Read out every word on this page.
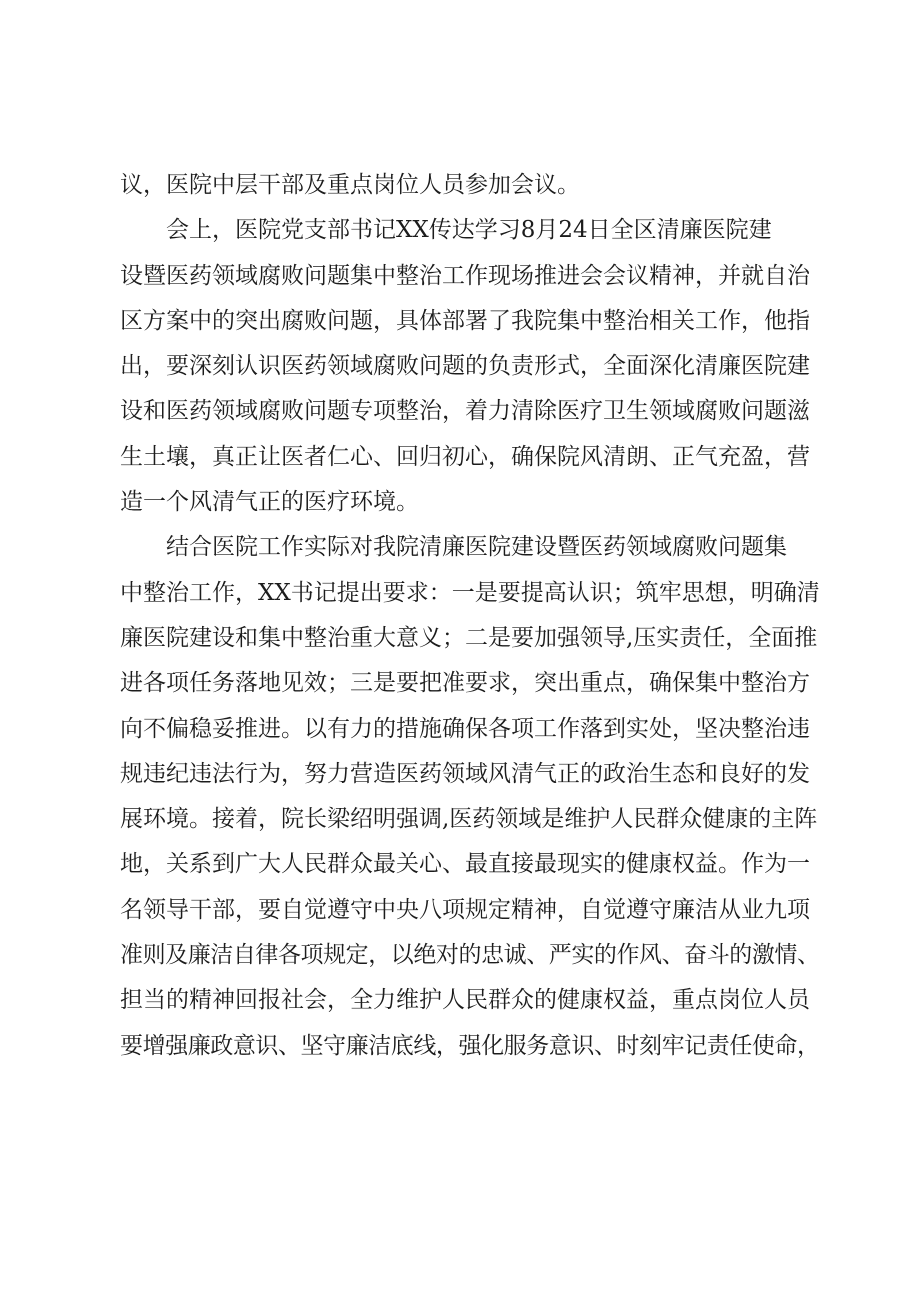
议，医院中层干部及重点岗位人员参加会议。
　　会上，医院党支部书记XX传达学习8月24日全区清廉医院建
设暨医药领域腐败问题集中整治工作现场推进会会议精神，并就自治
区方案中的突出腐败问题，具体部署了我院集中整治相关工作，他指
出，要深刻认识医药领域腐败问题的负责形式，全面深化清廉医院建
设和医药领域腐败问题专项整治，着力清除医疗卫生领域腐败问题滋
生土壤，真正让医者仁心、回归初心，确保院风清朗、正气充盈，营
造一个风清气正的医疗环境。
　　结合医院工作实际对我院清廉医院建设暨医药领域腐败问题集
中整治工作，XX书记提出要求：一是要提高认识；筑牢思想，明确清
廉医院建设和集中整治重大意义；二是要加强领导,压实责任，全面推
进各项任务落地见效；三是要把准要求，突出重点，确保集中整治方
向不偏稳妥推进。以有力的措施确保各项工作落到实处，坚决整治违
规违纪违法行为，努力营造医药领域风清气正的政治生态和良好的发
展环境。接着，院长梁绍明强调,医药领域是维护人民群众健康的主阵
地，关系到广大人民群众最关心、最直接最现实的健康权益。作为一
名领导干部，要自觉遵守中央八项规定精神，自觉遵守廉洁从业九项
准则及廉洁自律各项规定，以绝对的忠诚、严实的作风、奋斗的激情、
担当的精神回报社会，全力维护人民群众的健康权益，重点岗位人员
要增强廉政意识、坚守廉洁底线，强化服务意识、时刻牢记责任使命，
